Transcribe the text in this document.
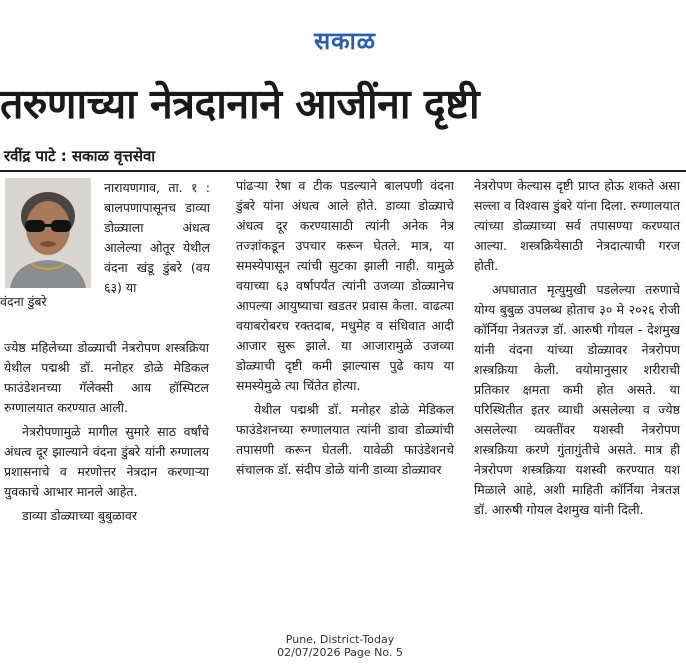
सकाळ
तरुणाच्या नेत्रदानाने आजींना दृष्टी
रवींद्र पाटे : सकाळ वृत्तसेवा
वंदना डुंबरे

नारायणगाव, ता. १ : बालपणापासूनच डाव्या डोळ्याला अंधत्व आलेल्या ओतूर येथील वंदना खंडू डुंबरे (वय ६३) या

ज्येष्ठ महिलेच्या डोळ्याची नेत्ररोपण शस्त्रक्रिया येथील पद्मश्री डॉ. मनोहर डोळे मेडिकल फाउंडेशनच्या गॅलेक्सी आय हॉस्पिटल रुग्णालयात करण्यात आली.

नेत्ररोपणामुळे मागील सुमारे साठ वर्षांचे अंधत्व दूर झाल्याने वंदना डुंबरे यांनी रुग्णालय प्रशासनाचे व मरणोत्तर नेत्रदान करणाऱ्या युवकाचे आभार मानले आहेत.

डाव्या डोळ्याच्या बुबुळावर

पांढऱ्या रेषा व टीक पडल्याने बालपणी वंदना डुंबरे यांना अंधत्व आले होते. डाव्या डोळ्याचे अंधत्व दूर करण्यासाठी त्यांनी अनेक नेत्र तज्ज्ञांकडून उपचार करून घेतले. मात्र, या समस्येपासून त्यांची सुटका झाली नाही. यामुळे वयाच्या ६३ वर्षापर्यंत त्यांनी उजव्या डोळ्यानेच आपल्या आयुष्याचा खडतर प्रवास केला. वाढत्या वयाबरोबरच रक्तदाब, मधुमेह व संधिवात आदी आजार सुरू झाले. या आजारामुळे उजव्या डोळ्याची दृष्टी कमी झाल्यास पुढे काय या समस्येमुळे त्या चिंतेत होत्या.

येथील पद्मश्री डॉ. मनोहर डोळे मेडिकल फाउंडेशनच्या रुग्णालयात त्यांनी डावा डोळ्यांची तपासणी करून घेतली. यावेळी फाउंडेशनचे संचालक डॉ. संदीप डोळे यांनी डाव्या डोळ्यावर

नेत्ररोपण केल्यास दृष्टी प्राप्त होऊ शकते असा सल्ला व विश्वास डुंबरे यांना दिला. रुग्णालयात त्यांच्या डोळ्याच्या सर्व तपासण्या करण्यात आल्या. शस्त्रक्रियेसाठी नेत्रदात्याची गरज होती.

अपघातात मृत्युमुखी पडलेल्या तरुणाचे योग्य बुबुळ उपलब्ध होताच ३० मे २०२६ रोजी कॉर्निया नेत्रतज्ज्ञ डॉ. आरुषी गोयल - देशमुख यांनी वंदना यांच्या डोळ्यावर नेत्ररोपण शस्त्रक्रिया केली. वयोमानुसार शरीराची प्रतिकार क्षमता कमी होत असते. या परिस्थितीत इतर व्याधी असलेल्या व ज्येष्ठ असलेल्या व्यक्तींवर यशस्वी नेत्ररोपण शस्त्रक्रिया करणे गुंतागुंतीचे असते. मात्र ही नेत्ररोपण शस्त्रक्रिया यशस्वी करण्यात यश मिळाले आहे, अशी माहिती कॉर्निया नेत्रतज्ञ डॉ. आरुषी गोयल देशमुख यांनी दिली.

Pune, District-Today
02/07/2026 Page No. 5
